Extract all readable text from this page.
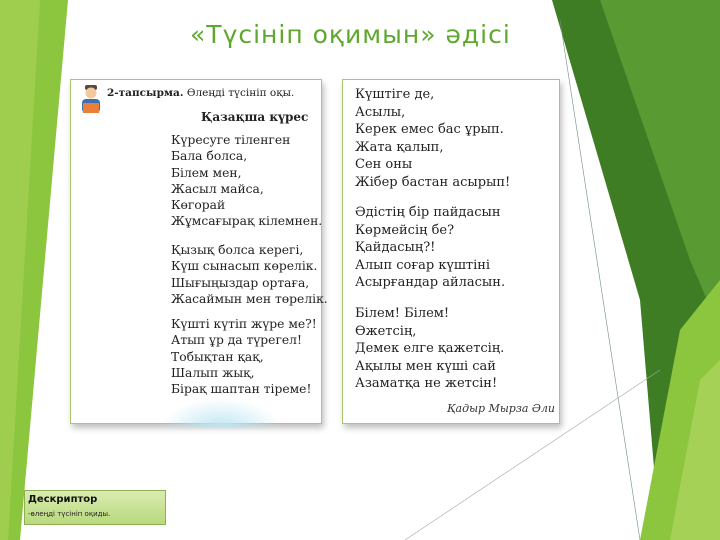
«Түсініп оқимын» әдісі
2-тапсырма. Өлеңді түсініп оқы.
Қазақша күрес
Күресуге тіленген
Бала болса,
Білем мен,
Жасыл майса,
Көгорай
Жұмсағырақ кілемнен.
Қызық болса керегі,
Күш сынасып көрелік.
Шығыңыздар ортаға,
Жасаймын мен төрелік.
Күшті күтіп жүре ме?!
Атып ұр да түрегел!
Тобықтан қақ,
Шалып жық,
Бірақ шаптан тіреме!
Күштіге де,
Асылы,
Керек емес бас ұрып.
Жата қалып,
Сен оны
Жібер бастан асырып!
Әдістің бір пайдасын
Көрмейсің бе?
Қайдасың?!
Алып соғар күштіні
Асырғандар айласын.
Білем! Білем!
Өжетсің,
Демек елге қажетсің.
Ақылы мен күші сай
Азаматқа не жетсін!
Қадыр Мырза Әли
Дескриптор
-өлеңді түсініп оқиды.
